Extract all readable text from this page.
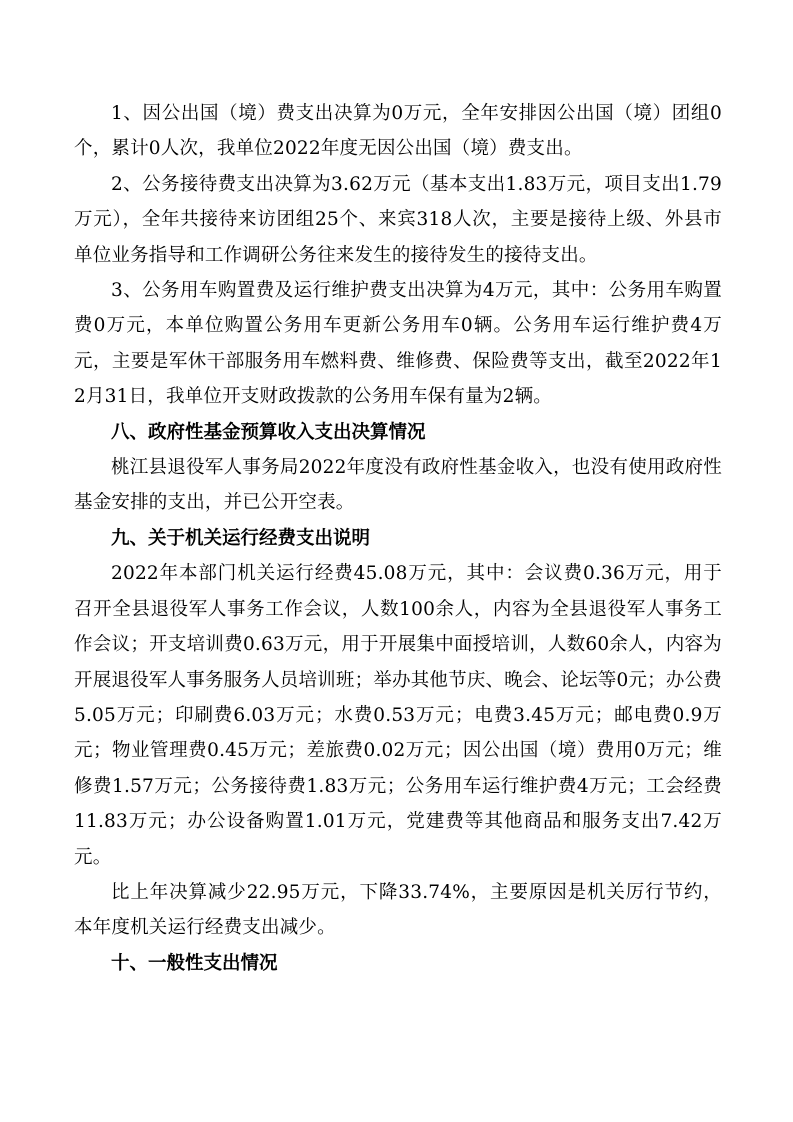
1、因公出国（境）费支出决算为0万元，全年安排因公出国（境）团组0个，累计0人次，我单位2022年度无因公出国（境）费支出。

2、公务接待费支出决算为3.62万元（基本支出1.83万元，项目支出1.79万元），全年共接待来访团组25个、来宾318人次，主要是接待上级、外县市单位业务指导和工作调研公务往来发生的接待发生的接待支出。

3、公务用车购置费及运行维护费支出决算为4万元，其中：公务用车购置费0万元，本单位购置公务用车更新公务用车0辆。公务用车运行维护费4万元，主要是军休干部服务用车燃料费、维修费、保险费等支出，截至2022年12月31日，我单位开支财政拨款的公务用车保有量为2辆。

八、政府性基金预算收入支出决算情况

桃江县退役军人事务局2022年度没有政府性基金收入，也没有使用政府性基金安排的支出，并已公开空表。

九、关于机关运行经费支出说明

2022年本部门机关运行经费45.08万元，其中：会议费0.36万元，用于召开全县退役军人事务工作会议，人数100余人，内容为全县退役军人事务工作会议；开支培训费0.63万元，用于开展集中面授培训，人数60余人，内容为开展退役军人事务服务人员培训班；举办其他节庆、晚会、论坛等0元；办公费5.05万元；印刷费6.03万元；水费0.53万元；电费3.45万元；邮电费0.9万元；物业管理费0.45万元；差旅费0.02万元；因公出国（境）费用0万元；维修费1.57万元；公务接待费1.83万元；公务用车运行维护费4万元；工会经费11.83万元；办公设备购置1.01万元，党建费等其他商品和服务支出7.42万元。

比上年决算减少22.95万元，下降33.74%，主要原因是机关厉行节约，本年度机关运行经费支出减少。

十、一般性支出情况
